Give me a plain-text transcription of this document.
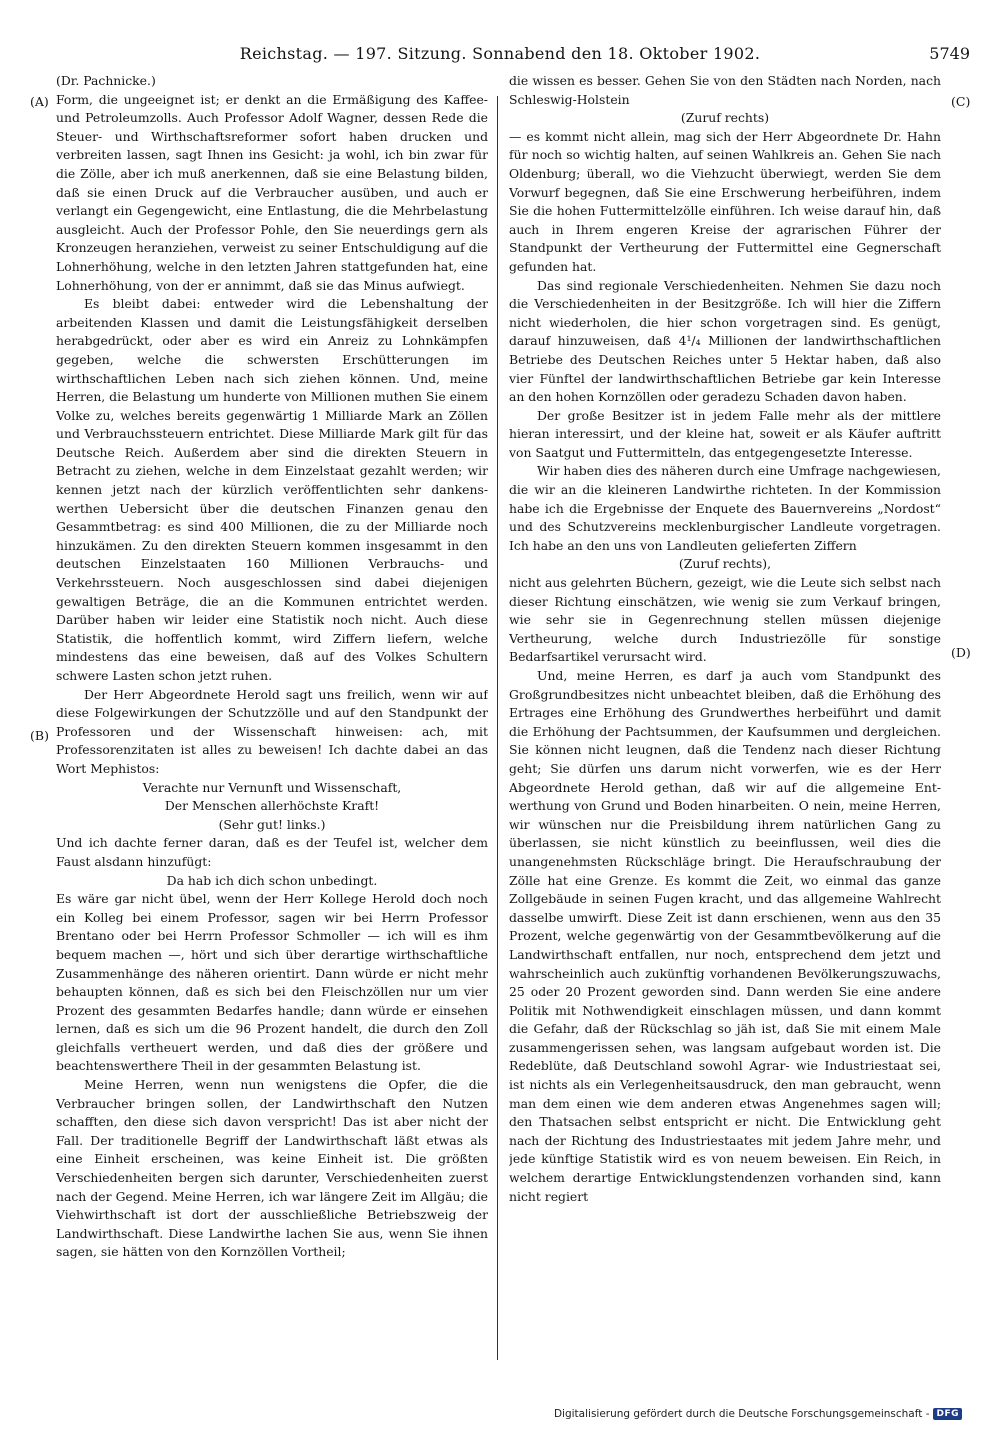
Reichstag. — 197. Sitzung. Sonnabend den 18. Oktober 1902.	5749
(A)
(B)
(C)
(D)

(Dr. Pachnicke.)

Form, die ungeeignet ist; er denkt an die Ermäßigung des Kaffee- und Petroleumzolls. Auch Professor Adolf Wagner, dessen Rede die Steuer- und Wirthschaftsreformer sofort haben drucken und verbreiten lassen, sagt Ihnen ins Gesicht: ja wohl, ich bin zwar für die Zölle, aber ich muß anerkennen, daß sie eine Belastung bilden, daß sie einen Druck auf die Verbraucher ausüben, und auch er verlangt ein Gegengewicht, eine Entlastung, die die Mehrbelastung ausgleicht. Auch der Professor Pohle, den Sie neuerdings gern als Kronzeugen heranziehen, verweist zu seiner Entschuldigung auf die Lohnerhöhung, welche in den letzten Jahren stattgefunden hat, eine Lohnerhöhung, von der er annimmt, daß sie das Minus aufwiegt.

Es bleibt dabei: entweder wird die Lebenshaltung der arbeitenden Klassen und damit die Leistungsfähigkeit derselben herabgedrückt, oder aber es wird ein Anreiz zu Lohnkämpfen gegeben, welche die schwersten Erschütterungen im wirthschaftlichen Leben nach sich ziehen können. Und, meine Herren, die Belastung um hunderte von Millionen muthen Sie einem Volke zu, welches bereits gegenwärtig 1 Milliarde Mark an Zöllen und Verbrauchssteuern entrichtet. Diese Milliarde Mark gilt für das Deutsche Reich. Außerdem aber sind die direkten Steuern in Betracht zu ziehen, welche in dem Einzelstaat gezahlt werden; wir kennen jetzt nach der kürzlich veröffentlichten sehr dankenswerthen Uebersicht über die deutschen Finanzen genau den Gesammtbetrag: es sind 400 Millionen, die zu der Milliarde noch hinzukämen. Zu den direkten Steuern kommen insgesammt in den deutschen Einzelstaaten 160 Millionen Verbrauchs- und Verkehrssteuern. Noch ausgeschlossen sind dabei diejenigen gewaltigen Beträge, die an die Kommunen entrichtet werden. Darüber haben wir leider eine Statistik noch nicht. Auch diese Statistik, die hoffentlich kommt, wird Ziffern liefern, welche mindestens das eine beweisen, daß auf des Volkes Schultern schwere Lasten schon jetzt ruhen.

Der Herr Abgeordnete Herold sagt uns freilich, wenn wir auf diese Folgewirkungen der Schutzzölle und auf den Standpunkt der Professoren und der Wissenschaft hinweisen: ach, mit Professorenzitaten ist alles zu beweisen! Ich dachte dabei an das Wort Mephistos:

Verachte nur Vernunft und Wissenschaft,

Der Menschen allerhöchste Kraft!

(Sehr gut! links.)

Und ich dachte ferner daran, daß es der Teufel ist, welcher dem Faust alsdann hinzufügt:

Da hab ich dich schon unbedingt.

Es wäre gar nicht übel, wenn der Herr Kollege Herold doch noch ein Kolleg bei einem Professor, sagen wir bei Herrn Professor Brentano oder bei Herrn Professor Schmoller — ich will es ihm bequem machen —, hört und sich über derartige wirthschaftliche Zusammenhänge des näheren orientirt. Dann würde er nicht mehr behaupten können, daß es sich bei den Fleischzöllen nur um vier Prozent des gesammten Bedarfes handle; dann würde er einsehen lernen, daß es sich um die 96 Prozent handelt, die durch den Zoll gleichfalls vertheuert werden, und daß dies der größere und beachtenswerthere Theil in der gesammten Belastung ist.

Meine Herren, wenn nun wenigstens die Opfer, die die Verbraucher bringen sollen, der Landwirthschaft den Nutzen schafften, den diese sich davon verspricht! Das ist aber nicht der Fall. Der traditionelle Begriff der Landwirthschaft läßt etwas als eine Einheit erscheinen, was keine Einheit ist. Die größten Verschiedenheiten bergen sich darunter, Verschiedenheiten zuerst nach der Gegend. Meine Herren, ich war längere Zeit im Allgäu; die Viehwirthschaft ist dort der ausschließliche Betriebszweig der Landwirthschaft. Diese Landwirthe lachen Sie aus, wenn Sie ihnen sagen, sie hätten von den Kornzöllen Vortheil;

die wissen es besser. Gehen Sie von den Städten nach Norden, nach Schleswig-Holstein

(Zuruf rechts)

— es kommt nicht allein, mag sich der Herr Abgeordnete Dr. Hahn für noch so wichtig halten, auf seinen Wahlkreis an. Gehen Sie nach Oldenburg; überall, wo die Viehzucht überwiegt, werden Sie dem Vorwurf begegnen, daß Sie eine Erschwerung herbeiführen, indem Sie die hohen Futtermittelzölle einführen. Ich weise darauf hin, daß auch in Ihrem engeren Kreise der agrarischen Führer der Standpunkt der Vertheurung der Futtermittel eine Gegnerschaft gefunden hat.

Das sind regionale Verschiedenheiten. Nehmen Sie dazu noch die Verschiedenheiten in der Besitzgröße. Ich will hier die Ziffern nicht wiederholen, die hier schon vorgetragen sind. Es genügt, darauf hinzuweisen, daß 4¹/₄ Millionen der landwirthschaftlichen Betriebe des Deutschen Reiches unter 5 Hektar haben, daß also vier Fünftel der landwirthschaftlichen Betriebe gar kein Interesse an den hohen Kornzöllen oder geradezu Schaden davon haben.

Der große Besitzer ist in jedem Falle mehr als der mittlere hieran interessirt, und der kleine hat, soweit er als Käufer auftritt von Saatgut und Futtermitteln, das entgegengesetzte Interesse.

Wir haben dies des näheren durch eine Umfrage nachgewiesen, die wir an die kleineren Landwirthe richteten. In der Kommission habe ich die Ergebnisse der Enquete des Bauernvereins „Nordost“ und des Schutzvereins mecklenburgischer Landleute vorgetragen. Ich habe an den uns von Landleuten gelieferten Ziffern

(Zuruf rechts),

nicht aus gelehrten Büchern, gezeigt, wie die Leute sich selbst nach dieser Richtung einschätzen, wie wenig sie zum Verkauf bringen, wie sehr sie in Gegenrechnung stellen müssen diejenige Vertheurung, welche durch Industriezölle für sonstige Bedarfsartikel verursacht wird.

Und, meine Herren, es darf ja auch vom Standpunkt des Großgrundbesitzes nicht unbeachtet bleiben, daß die Erhöhung des Ertrages eine Erhöhung des Grundwerthes herbeiführt und damit die Erhöhung der Pachtsummen, der Kaufsummen und dergleichen. Sie können nicht leugnen, daß die Tendenz nach dieser Richtung geht; Sie dürfen uns darum nicht vorwerfen, wie es der Herr Abgeordnete Herold gethan, daß wir auf die allgemeine Entwerthung von Grund und Boden hinarbeiten. O nein, meine Herren, wir wünschen nur die Preisbildung ihrem natürlichen Gang zu überlassen, sie nicht künstlich zu beeinflussen, weil dies die unangenehmsten Rückschläge bringt. Die Heraufschraubung der Zölle hat eine Grenze. Es kommt die Zeit, wo einmal das ganze Zollgebäude in seinen Fugen kracht, und das allgemeine Wahlrecht dasselbe umwirft. Diese Zeit ist dann erschienen, wenn aus den 35 Prozent, welche gegenwärtig von der Gesammtbevölkerung auf die Landwirthschaft entfallen, nur noch, entsprechend dem jetzt und wahrscheinlich auch zukünftig vorhandenen Bevölkerungszuwachs, 25 oder 20 Prozent geworden sind. Dann werden Sie eine andere Politik mit Nothwendigkeit einschlagen müssen, und dann kommt die Gefahr, daß der Rückschlag so jäh ist, daß Sie mit einem Male zusammengerissen sehen, was langsam aufgebaut worden ist. Die Redeblüte, daß Deutschland sowohl Agrar- wie Industriestaat sei, ist nichts als ein Verlegenheitsausdruck, den man gebraucht, wenn man dem einen wie dem anderen etwas Angenehmes sagen will; den Thatsachen selbst entspricht er nicht. Die Entwicklung geht nach der Richtung des Industriestaates mit jedem Jahre mehr, und jede künftige Statistik wird es von neuem beweisen. Ein Reich, in welchem derartige Entwicklungstendenzen vorhanden sind, kann nicht regiert

Digitalisierung gefördert durch die Deutsche Forschungsgemeinschaft - DFG
